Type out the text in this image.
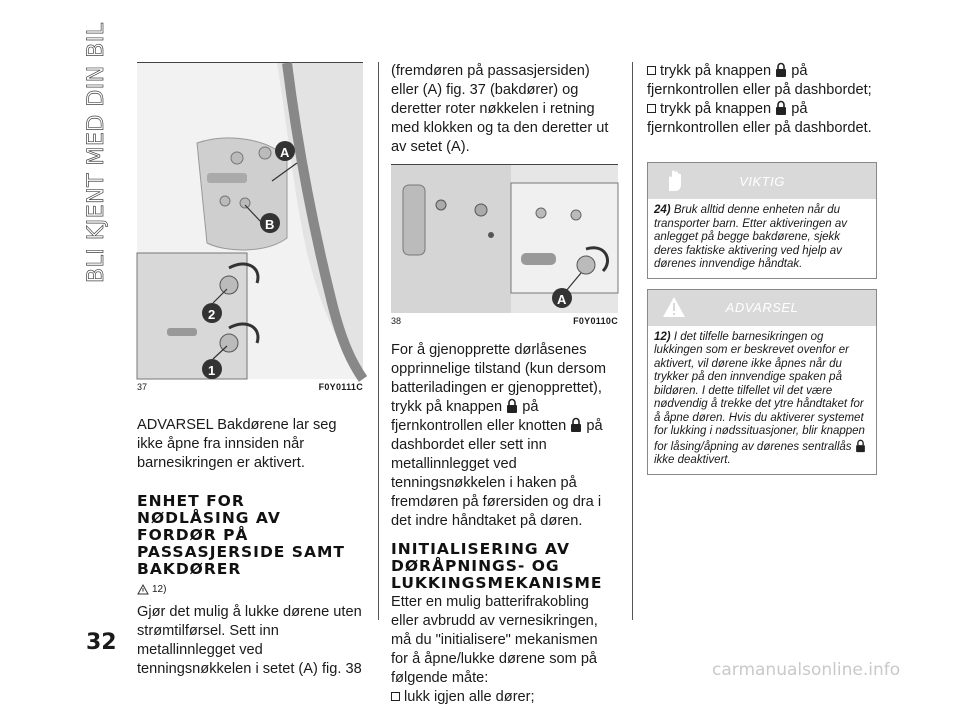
BLI KJENT MED DIN BIL
32
carmanualsonline.info
A
B
2
1
37	F0Y0111C

ADVARSEL Bakdørene lar seg ikke åpne fra innsiden når barnesikringen er aktivert.

ENHET FOR NØDLÅSING AV FORDØR PÅ PASSASJERSIDE SAMT BAKDØRER
12)

Gjør det mulig å lukke dørene uten strømtilførsel. Sett inn metallinnlegget ved tenningsnøkkelen i setet (A) fig. 38

(fremdøren på passasjersiden) eller (A) fig. 37 (bakdører) og deretter roter nøkkelen i retning med klokken og ta den deretter ut av setet (A).

A
38	F0Y0110C

For å gjenopprette dørlåsenes opprinnelige tilstand (kun dersom batteriladingen er gjenopprettet), trykk på knappen på fjernkontrollen eller knotten på dashbordet eller sett inn metallinnlegget ved tenningsnøkkelen i haken på fremdøren på førersiden og dra i det indre håndtaket på døren.

INITIALISERING AV DØRÅPNINGS- OG LUKKINGSMEKANISME

Etter en mulig batterifrakobling eller avbrudd av vernesikringen, må du "initialisere" mekanismen for å åpne/lukke dørene som på følgende måte:

lukk igjen alle dører;

trykk på knappen på fjernkontrollen eller på dashbordet;

trykk på knappen på fjernkontrollen eller på dashbordet.

VIKTIG
24) Bruk alltid denne enheten når du transporter barn. Etter aktiveringen av anlegget på begge bakdørene, sjekk deres faktiske aktivering ved hjelp av dørenes innvendige håndtak.
ADVARSEL
12) I det tilfelle barnesikringen og lukkingen som er beskrevet ovenfor er aktivert, vil dørene ikke åpnes når du trykker på den innvendige spaken på bildøren. I dette tilfellet vil det være nødvendig å trekke det ytre håndtaket for å åpne døren. Hvis du aktiverer systemet for lukking i nødssituasjoner, blir knappen for låsing/åpning av dørenes sentrallås  ikke deaktivert.
